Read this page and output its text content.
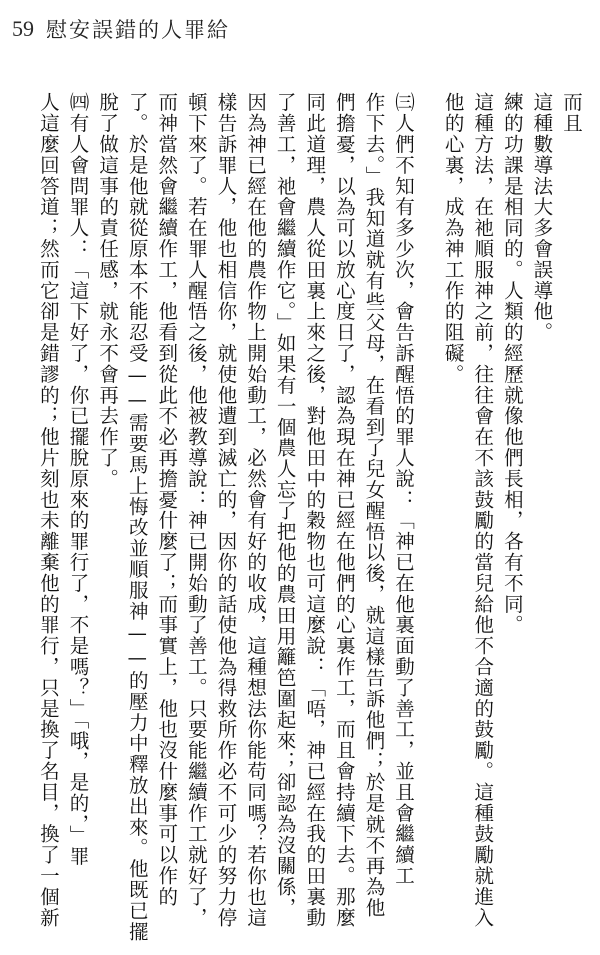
59 慰安誤錯的人罪給
而且
這種數導法大多會誤導他。
練的功課是相同的。人類的經歷就像他們長相，各有不同。
這種方法，在祂順服神之前，往往會在不該鼓勵的當兒給他不合適的鼓勵。這種鼓勵就進入
他的心裏，成為神工作的阻礙。
㈢人們不知有多少次，會告訴醒悟的罪人說：「神已在他裏面動了善工，並且會繼續工
作下去。」我知道就有些父母，在看到了兒女醒悟以後，就這樣告訴他們；於是就不再為他
們擔憂，以為可以放心度日了，認為現在神已經在他們的心裏作工，而且會持續下去。那麼
同此道理，農人從田裏上來之後，對他田中的穀物也可這麼說：「唔，神已經在我的田裏動
了善工，祂會繼續作它。」如果有一個農人忘了把他的農田用籬笆圍起來；卻認為沒關係，
因為神已經在他的農作物上開始動工，必然會有好的收成，這種想法你能苟同嗎？若你也這
樣告訴罪人，他也相信你，就使他遭到滅亡的，因你的話使他為得救所作必不可少的努力停
頓下來了。若在罪人醒悟之後，他被教導說：神已開始動了善工。只要能繼續作工就好了，
而神當然會繼續作工，他看到從此不必再擔憂什麼了；而事實上，他也沒什麼事可以作的
了。於是他就從原本不能忍受——需要馬上悔改並順服神——的壓力中釋放出來。他既已擺
脫了做這事的責任感，就永不會再去作了。
㈣有人會問罪人：「這下好了，你已擺脫原來的罪行了，不是嗎？」「哦，是的，」罪
人這麼回答道；然而它卻是錯謬的；他片刻也未離棄他的罪行，只是換了名目，換了一個新
